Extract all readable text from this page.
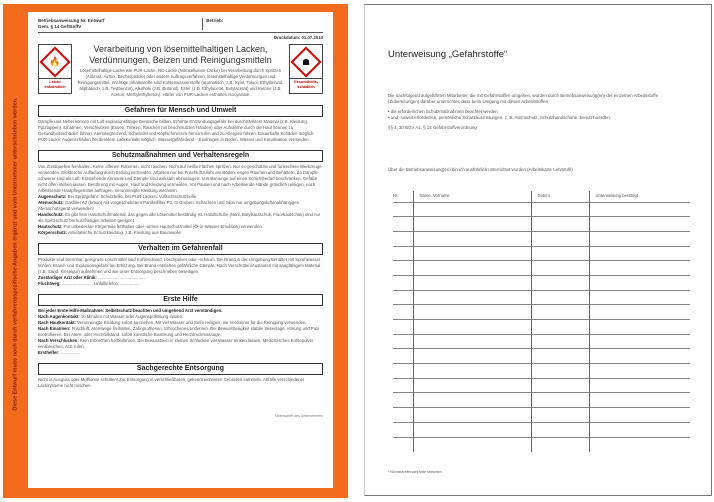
Diese Entwurf muss noch durch verfahrensspezifische Angaben ergänzt und vom Unternehmer unterschrieben werden.
Betriebsanweisung Nr. Entwurf
Gem. § 14 GefStoffV
Betrieb:
Druckdatum: 01.07.2010
🔥
Leicht entzündlich
Verarbeitung von lösemittelhaltigen Lacken, Verdünnungen, Beizen und Reinigungsmitteln

Lösemittelhaltige Lacke wie PUR-Lacke, NC-Lacke (Nitrocellulose-Lacke) bei Verarbeitung durch Spritzen (Airless), Airmix, Becherpistole) oder andere Auftragsverfahren, lösemittelhaltige Verdünnungen und Reinigungsmittel. Wichtige Inhaltsstoffe sind Kohlenwasserstoffe (aromatisch, z.B. Xylol, Toluol, Ethylbenzol; aliphatisch, z.B. Testbenzin), Alkohole (z.B. Butanol), Ester (z.B. Ethylacetat, Butylacetat) und Ketone (z.B. Aceton, Methylethylketon). Härter von PUR-Lacken enthalten Isocyanate.

☗
Gesundheits-schädlich
Gefahren für Mensch und Umwelt

Dämpfe und Nebel können mit Luft explosionsfähige Gemische bilden. Erhöhte Entzündungsgefahr bei durchtränktem Material (z.B. Kleidung, Putzlappen). Einatmen, Verschlucken (Essen, Trinken, Rauchen mit beschmutzten Händen) oder Aufnahme durch die Haut können zu Gesundheitsschäden führen. Atemwegreizend, Schwindel und Kopfschmerzen hervorrufen und zu Allergien führen. Dauerhafte Schäden möglich. PUR-Lacke: Augenschäden bei direktem Lackkontakt möglich. Wassergefährdend – Eindringen in Boden, Wasser und Kanalisation vermeiden.

Schutzmaßnahmen und Verhaltensregeln

Von Zündquellen fernhalten. Keine offenen Flammen, nicht rauchen. Nicht auf heiße Flächen spritzen. Nur ex-geschützte und funkenfreie Werkzeuge verwenden. Elektrische Aufladung durch Erdung vermeiden. Arbeiten nur bei Frischluftzufuhr am Boden, engen Räumen und Behältern, da Dämpfe schwerer sind als Luft. Entstehende Aerosole und Dämpfe sind wirksam abzusaugen. Vorratsmenge auf einen Schichtbedarf beschränken. Gefäße nicht offen stehen lassen. Berührung mit Augen, Haut und Kleidung vermeiden. Vor Pausen und nach Arbeitsende Hände gründlich reinigen, nach Arbeitsende Hautpflegemittel auftragen, verunreinigte Kleidung wechseln.

Augenschutz: Bei Spritzgefahr: Schutzbrille, bei PUR-Lacken: Vollsichtschutzbrille

Atemschutz: Gasfilter A2 (braun) mit vorgeschaltetem Partikelfilter P2. In Gruben, Schächten und Silos nur umgebungsluftunabhängiges Atemschutzgerät verwenden!

Handschutz: Es gibt kein Handschuhmaterial, das gegen alle Lösemittel beständig ist. Handschuhe (Nitril, Butylkautschuk, Fluorkautschuk) sind nur als Spritzschutz bei kurzfristigen Arbeiten geeignet.

Hautschutz: Für unbedeckte Körperteile fetthaltes oder -armes Hautschutzmittel (Öl-in-Wasser-Emulsion) verwenden.

Körperschutz: Antistatische Schutzkleidung, z.B. Kleidung aus Baumwolle

Verhalten im Gefahrenfall

Produkte sind brennbar, geeignete Löschmittel sind Kohlendioxid, Löschpulver oder -schaum. Bei Brand in der Umgebung Behälter mit Sprühwasser kühlen. Brand- und Explosionsgefahr bei Erhitzung. Bei Brand entstehen gefährliche Dämpfe. Nach Verschütten/Auslaufen mit saugfähigem Material (z.B. Sand, Kieselgur) aufnehmen und wie unter Entsorgung beschrieben beseitigen.

Zuständiger Arzt oder Klinik: ........................................

Fluchtweg: .......................... Unfalltelefon: ................

Erste Hilfe

Bei jeder Erste-Hilfe-Maßnahme: Selbstschutz beachten und umgehend Arzt verständigen.

Nach Augenkontakt: 10 Minuten mit Wasser oder Augenspüllösung spülen.

Nach Hautkontakt: Verunreinigte Kleidung sofort ausziehen. Mit viel Wasser und Seife reinigen, nie Verdünner für die Reinigung verwenden.

Nach Einatmen: Frischluft, Atemwege freihalten, Zahnprothesen, Erbrochenes entfernen. Bei Bewusstlosigkeit stabile Seitenlage, Atmung und Puls kontrollieren. Bei Atem- oder Herzstillstand: sofort künstliche Beatmung und Herzdruckmassage.

Nach Verschlucken: Kein Erbrechen herbeiführen. Bei Bewusstsein in kleinen Schlucken viel Wasser trinken lassen. Medizinisches Kohlepulver verabreichen, Arzt rufen.

Ersthelfer: ................

Sachgerechte Entsorgung

Nicht in Ausguss oder Mülltonne schütten! Zur Entsorgung in verschließbaren, gekennzeichneten Gebinden sammeln. Abfälle verschiedener Lacksysteme nicht mischen.

Unterschrift des Unternehmers
Unterweisung „Gefahrstoffe“

Die nachfolgend aufgeführten Mitarbeiter, die mit Gefahrstoffen umgehen, wurden durch Betriebsanweisung(en) der einzelnen Arbeitsstoffe (Zubereitungen) darüber unterrichtet, dass beim Umgang mit diesen Arbeitsstoffen

• die erforderlichen Schutzmaßnahmen beachtet werden
• und, soweit erforderlich, persönliche Schutzausrüstungen, z. B. Atemschutz, Schutzhandschuhe, benutzt werden.

§§ 4, 30 BGV A1, § 14 Gefahrstoffverordnung

Über die Betriebsanweisung(en) bin ich ausführlich unterrichtet worden (Arbeitskarte Lehrstuhl)
Nr.	Name, Vorname	Datum	Unterweisung bestätigt

* Nichtzutreffendes bitte streichen
